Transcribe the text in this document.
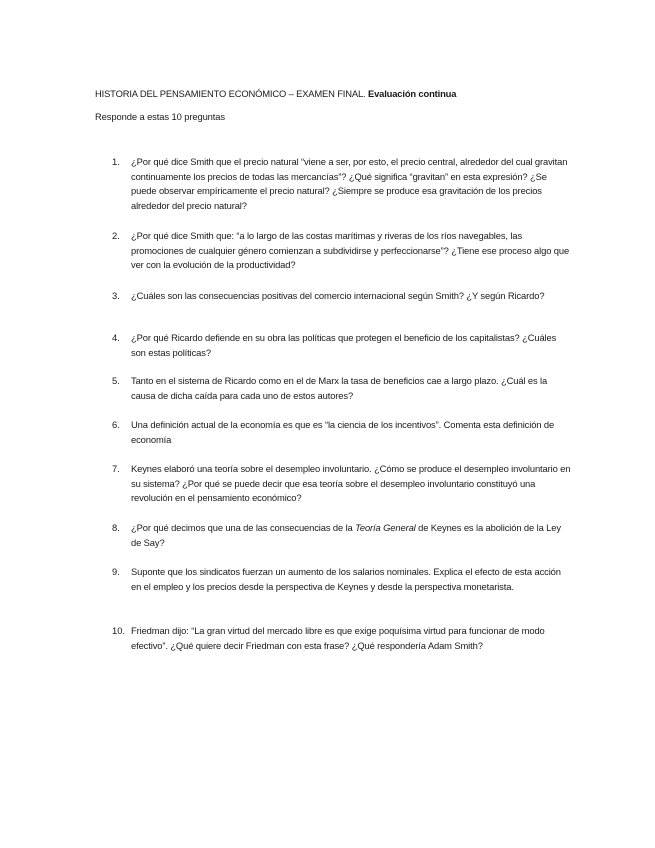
HISTORIA DEL PENSAMIENTO ECONÓMICO – EXAMEN FINAL. Evaluación continua
Responde a estas 10 preguntas
1.	¿Por qué dice Smith que el precio natural “viene a ser, por esto, el precio central, alrededor del cual gravitan continuamente los precios de todas las mercancías”? ¿Qué significa “gravitan” en esta expresión? ¿Se puede observar empíricamente el precio natural? ¿Siempre se produce esa gravitación de los precios alrededor del precio natural?
2.	¿Por qué dice Smith que: “a lo largo de las costas marítimas y riveras de los ríos navegables, las promociones de cualquier género comienzan a subdividirse y perfeccionarse”? ¿Tiene ese proceso algo que ver con la evolución de la productividad?
3.	¿Cuáles son las consecuencias positivas del comercio internacional según Smith? ¿Y según Ricardo?
4.	¿Por qué Ricardo defiende en su obra las políticas que protegen el beneficio de los capitalistas? ¿Cuáles son estas políticas?
5.	Tanto en el sistema de Ricardo como en el de Marx la tasa de beneficios cae a largo plazo. ¿Cuál es la causa de dicha caída para cada uno de estos autores?
6.	Una definición actual de la economía es que es “la ciencia de los incentivos”. Comenta esta definición de economía
7.	Keynes elaboró una teoría sobre el desempleo involuntario. ¿Cómo se produce el desempleo involuntario en su sistema? ¿Por qué se puede decir que esa teoría sobre el desempleo involuntario constituyó una revolución en el pensamiento económico?
8.	¿Por qué decimos que una de las consecuencias de la Teoría General de Keynes es la abolición de la Ley de Say?
9.	Suponte que los sindicatos fuerzan un aumento de los salarios nominales. Explica el efecto de esta acción en el empleo y los precios desde la perspectiva de Keynes y desde la perspectiva monetarista.
10. Friedman dijo: “La gran virtud del mercado libre es que exige poquísima virtud para funcionar de modo efectivo”. ¿Qué quiere decir Friedman con esta frase? ¿Qué respondería Adam Smith?
